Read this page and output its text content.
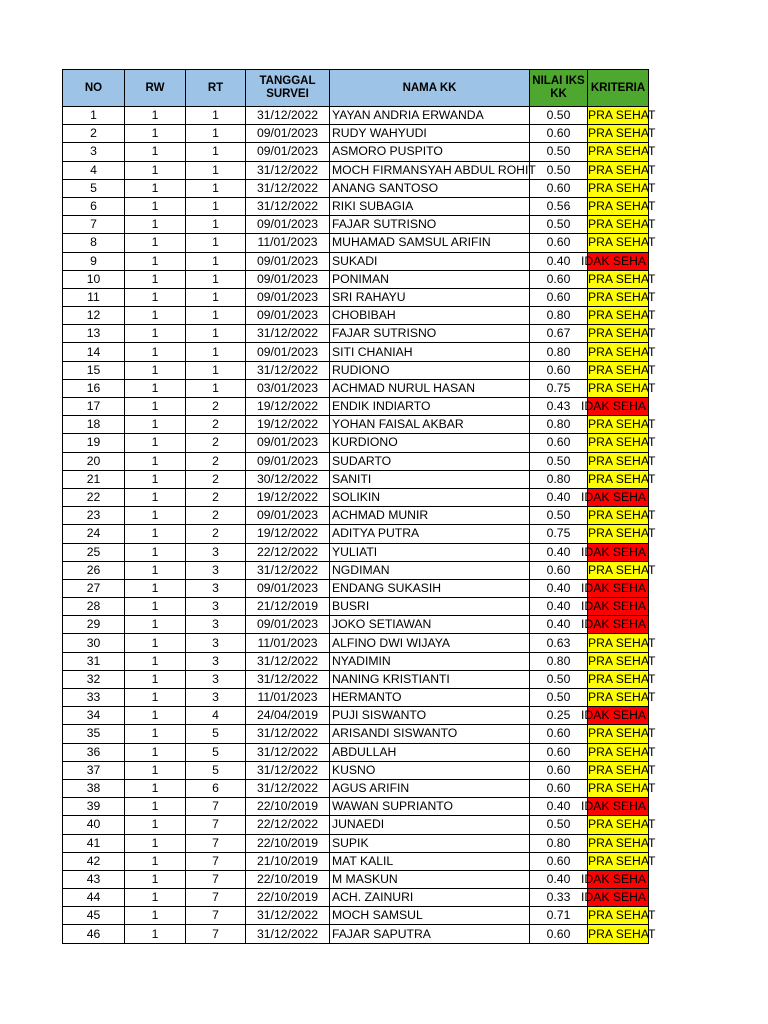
NO	RW	RT	TANGGAL SURVEI	NAMA KK	NILAI IKS KK	KRITERIA
1	1	1	31/12/2022	YAYAN ANDRIA ERWANDA	0.50	PRA SEHAT

2	1	1	09/01/2023	RUDY WAHYUDI	0.60	PRA SEHAT

3	1	1	09/01/2023	ASMORO PUSPITO	0.50	PRA SEHAT

4	1	1	31/12/2022	MOCH FIRMANSYAH ABDUL ROHIT	0.50	PRA SEHAT

5	1	1	31/12/2022	ANANG SANTOSO	0.60	PRA SEHAT

6	1	1	31/12/2022	RIKI SUBAGIA	0.56	PRA SEHAT

7	1	1	09/01/2023	FAJAR SUTRISNO	0.50	PRA SEHAT

8	1	1	11/01/2023	MUHAMAD SAMSUL ARIFIN	0.60	PRA SEHAT

9	1	1	09/01/2023	SUKADI	0.40	IDAK SEHA

10	1	1	09/01/2023	PONIMAN	0.60	PRA SEHAT

11	1	1	09/01/2023	SRI RAHAYU	0.60	PRA SEHAT

12	1	1	09/01/2023	CHOBIBAH	0.80	PRA SEHAT

13	1	1	31/12/2022	FAJAR SUTRISNO	0.67	PRA SEHAT

14	1	1	09/01/2023	SITI CHANIAH	0.80	PRA SEHAT

15	1	1	31/12/2022	RUDIONO	0.60	PRA SEHAT

16	1	1	03/01/2023	ACHMAD NURUL HASAN	0.75	PRA SEHAT

17	1	2	19/12/2022	ENDIK INDIARTO	0.43	IDAK SEHA

18	1	2	19/12/2022	YOHAN FAISAL AKBAR	0.80	PRA SEHAT

19	1	2	09/01/2023	KURDIONO	0.60	PRA SEHAT

20	1	2	09/01/2023	SUDARTO	0.50	PRA SEHAT

21	1	2	30/12/2022	SANITI	0.80	PRA SEHAT

22	1	2	19/12/2022	SOLIKIN	0.40	IDAK SEHA

23	1	2	09/01/2023	ACHMAD MUNIR	0.50	PRA SEHAT

24	1	2	19/12/2022	ADITYA PUTRA	0.75	PRA SEHAT

25	1	3	22/12/2022	YULIATI	0.40	IDAK SEHA

26	1	3	31/12/2022	NGDIMAN	0.60	PRA SEHAT

27	1	3	09/01/2023	ENDANG SUKASIH	0.40	IDAK SEHA

28	1	3	21/12/2019	BUSRI	0.40	IDAK SEHA

29	1	3	09/01/2023	JOKO SETIAWAN	0.40	IDAK SEHA

30	1	3	11/01/2023	ALFINO DWI WIJAYA	0.63	PRA SEHAT

31	1	3	31/12/2022	NYADIMIN	0.80	PRA SEHAT

32	1	3	31/12/2022	NANING KRISTIANTI	0.50	PRA SEHAT

33	1	3	11/01/2023	HERMANTO	0.50	PRA SEHAT

34	1	4	24/04/2019	PUJI SISWANTO	0.25	IDAK SEHA

35	1	5	31/12/2022	ARISANDI SISWANTO	0.60	PRA SEHAT

36	1	5	31/12/2022	ABDULLAH	0.60	PRA SEHAT

37	1	5	31/12/2022	KUSNO	0.60	PRA SEHAT

38	1	6	31/12/2022	AGUS ARIFIN	0.60	PRA SEHAT

39	1	7	22/10/2019	WAWAN SUPRIANTO	0.40	IDAK SEHA

40	1	7	22/12/2022	JUNAEDI	0.50	PRA SEHAT

41	1	7	22/10/2019	SUPIK	0.80	PRA SEHAT

42	1	7	21/10/2019	MAT KALIL	0.60	PRA SEHAT

43	1	7	22/10/2019	M MASKUN	0.40	IDAK SEHA

44	1	7	22/10/2019	ACH. ZAINURI	0.33	IDAK SEHA

45	1	7	31/12/2022	MOCH SAMSUL	0.71	PRA SEHAT

46	1	7	31/12/2022	FAJAR SAPUTRA	0.60	PRA SEHAT
